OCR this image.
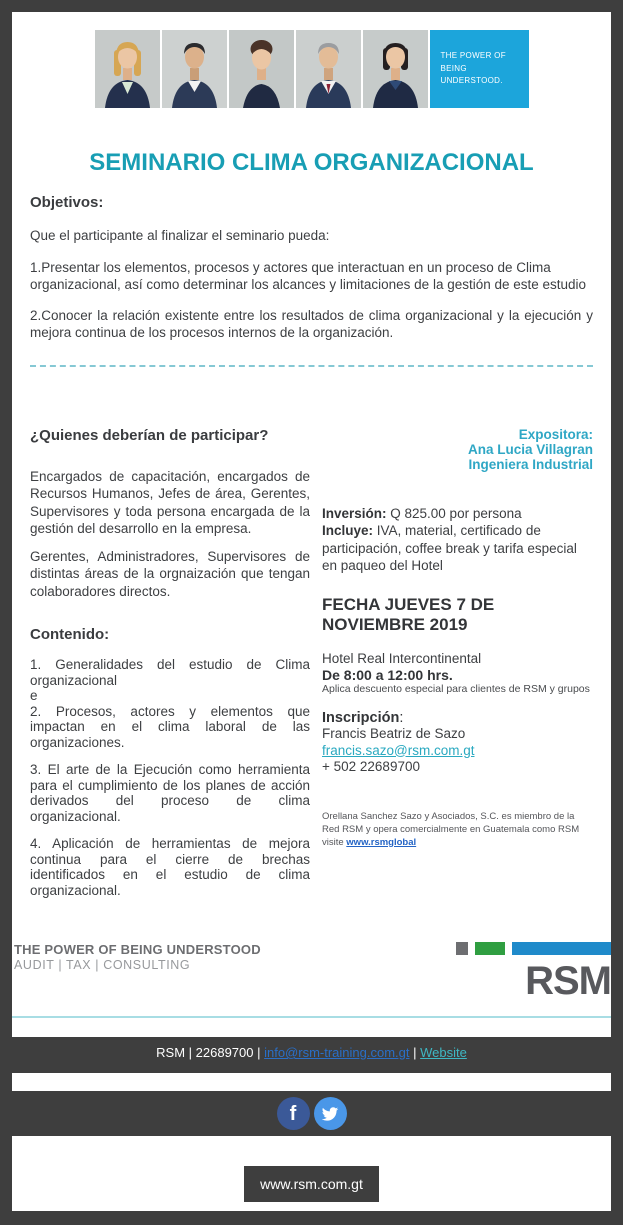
THE POWER OF
BEING UNDERSTOOD.
SEMINARIO CLIMA ORGANIZACIONAL
Objetivos:

Que el participante al finalizar el seminario pueda:

1.Presentar los elementos, procesos y actores que interactuan en un proceso de Clima organizacional, así como determinar los alcances y limitaciones de la gestión de este estudio

2.Conocer la relación existente entre los resultados de clima organizacional y la ejecución y mejora continua de los procesos internos de la organización.

¿Quienes deberían de participar?

Encargados de capacitación, encargados de Recursos Humanos, Jefes de área, Gerentes, Supervisores y toda persona encargada de la gestión del desarrollo en la empresa.

Gerentes, Administradores, Supervisores de distintas áreas de la orgnaización que tengan colaboradores directos.

Contenido:

1. Generalidades del estudio de Clima organizacional

e

2. Procesos, actores y elementos que impactan en el clima laboral de las organizaciones.

3. El arte de la Ejecución como herramienta para el cumplimiento de los planes de acción derivados del proceso de clima organizacional.

4. Aplicación de herramientas de mejora continua para el cierre de brechas identificados en el estudio de clima organizacional.

Expositora:
Ana Lucia Villagran
Ingeniera Industrial
Inversión: Q 825.00 por persona
Incluye: IVA, material, certificado de participación, coffee break y tarifa especial en paqueo del Hotel
FECHA JUEVES 7 DE NOVIEMBRE 2019
Hotel Real Intercontinental
De 8:00 a 12:00 hrs.
Aplica descuento especial para clientes de RSM y grupos
Inscripción:
Francis Beatriz de Sazo
francis.sazo@rsm.com.gt
+ 502 22689700

Orellana Sanchez Sazo y Asociados, S.C. es miembro de la Red RSM y opera comercialmente en Guatemala como RSM visite www.rsmglobal

THE POWER OF BEING UNDERSTOOD
AUDIT | TAX | CONSULTING	RSM
RSM | 22689700 | info@rsm-training.com.gt | Website
f
www.rsm.com.gt
